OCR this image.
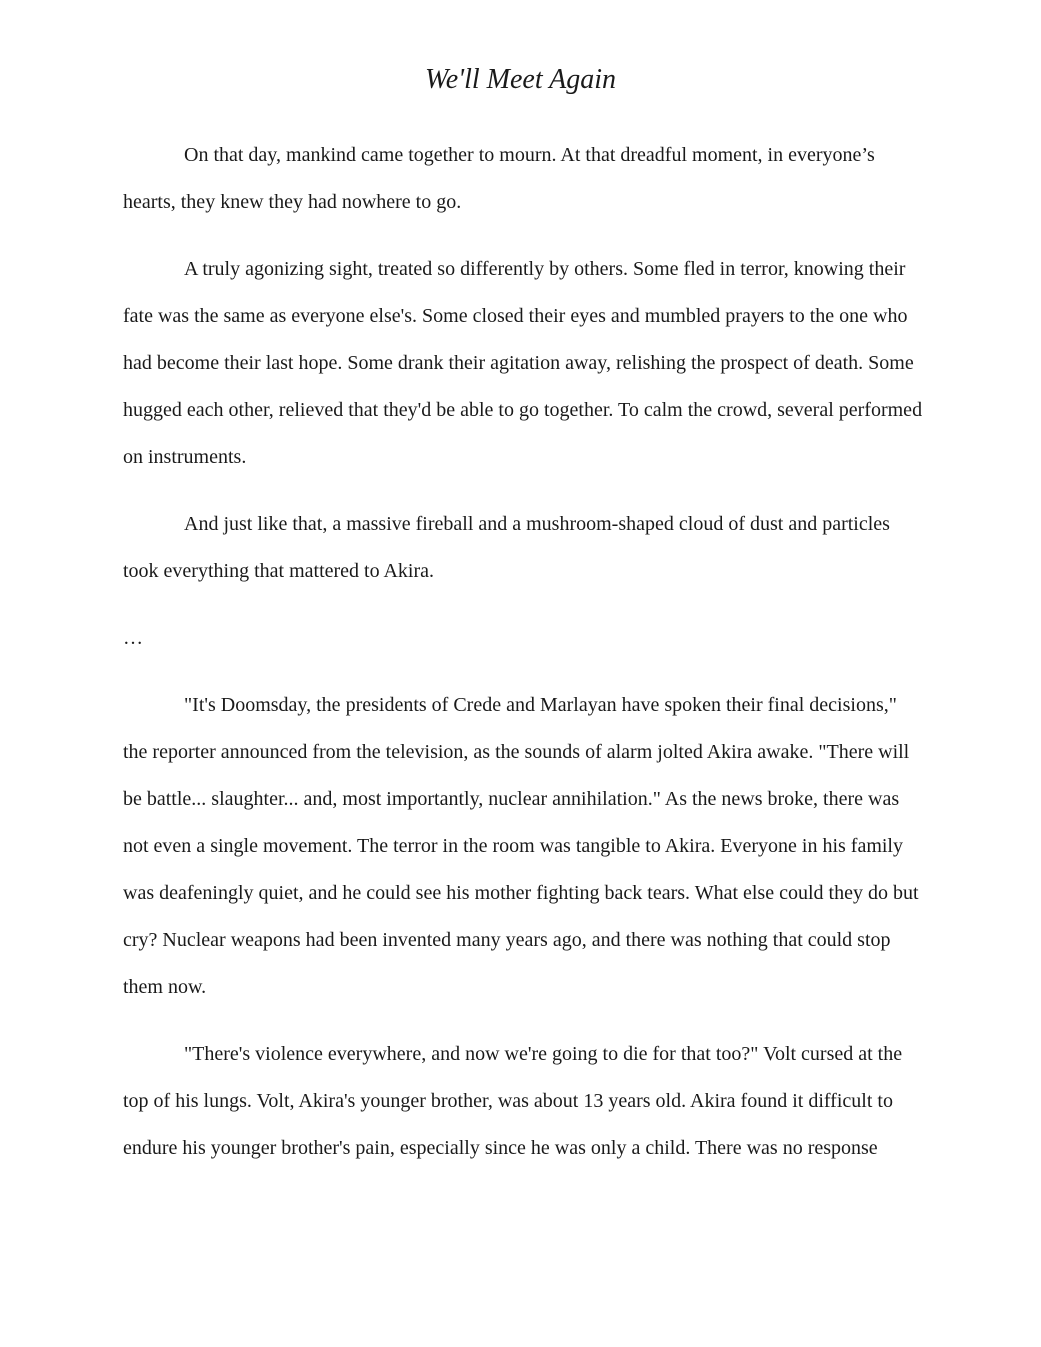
We'll Meet Again

On that day, mankind came together to mourn. At that dreadful moment, in everyone’s hearts, they knew they had nowhere to go.

A truly agonizing sight, treated so differently by others. Some fled in terror, knowing their fate was the same as everyone else's. Some closed their eyes and mumbled prayers to the one who had become their last hope. Some drank their agitation away, relishing the prospect of death. Some hugged each other, relieved that they'd be able to go together. To calm the crowd, several performed on instruments.

And just like that, a massive fireball and a mushroom-shaped cloud of dust and particles took everything that mattered to Akira.

…

"It's Doomsday, the presidents of Crede and Marlayan have spoken their final decisions," the reporter announced from the television, as the sounds of alarm jolted Akira awake. "There will be battle... slaughter... and, most importantly, nuclear annihilation." As the news broke, there was not even a single movement. The terror in the room was tangible to Akira. Everyone in his family was deafeningly quiet, and he could see his mother fighting back tears. What else could they do but cry? Nuclear weapons had been invented many years ago, and there was nothing that could stop them now.

"There's violence everywhere, and now we're going to die for that too?" Volt cursed at the top of his lungs. Volt, Akira's younger brother, was about 13 years old. Akira found it difficult to endure his younger brother's pain, especially since he was only a child. There was no response
